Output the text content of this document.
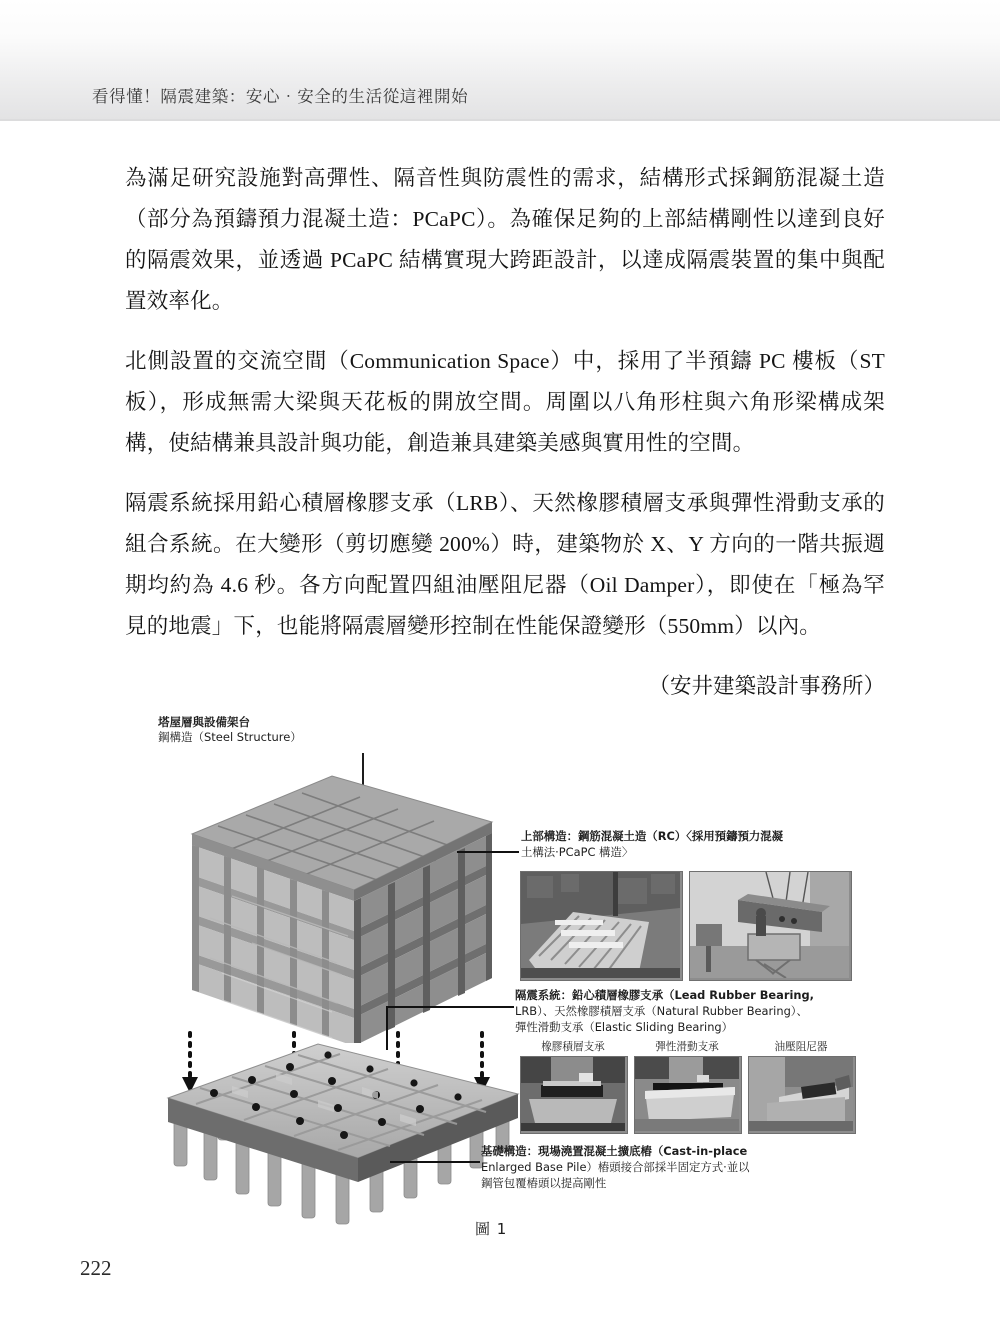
看得懂！隔震建築：安心‧安全的生活從這裡開始

為滿足研究設施對高彈性、隔音性與防震性的需求，結構形式採鋼筋混凝土造（部分為預鑄預力混凝土造：PCaPC）。為確保足夠的上部結構剛性以達到良好的隔震效果，並透過 PCaPC 結構實現大跨距設計，以達成隔震裝置的集中與配置效率化。

北側設置的交流空間（Communication Space）中，採用了半預鑄 PC 樓板（ST 板），形成無需大梁與天花板的開放空間。周圍以八角形柱與六角形梁構成架構，使結構兼具設計與功能，創造兼具建築美感與實用性的空間。

隔震系統採用鉛心積層橡膠支承（LRB）、天然橡膠積層支承與彈性滑動支承的組合系統。在大變形（剪切應變 200%）時，建築物於 X、Y 方向的一階共振週期均約為 4.6 秒。各方向配置四組油壓阻尼器（Oil Damper），即使在「極為罕見的地震」下，也能將隔震層變形控制在性能保證變形（550mm）以內。

（安井建築設計事務所）

塔屋層與設備架台
鋼構造（Steel Structure）
上部構造：鋼筋混凝土造（RC）〈採用預鑄預力混凝
土構法‧PCaPC 構造〉
隔震系統：鉛心積層橡膠支承（Lead Rubber Bearing,
LRB）、天然橡膠積層支承（Natural Rubber Bearing）、
彈性滑動支承（Elastic Sliding Bearing）
橡膠積層支承	彈性滑動支承	油壓阻尼器
基礎構造：現場澆置混凝土擴底樁（Cast-in-place
Enlarged Base Pile）樁頭接合部採半固定方式‧並以
鋼管包覆樁頭以提高剛性
圖 1
222
